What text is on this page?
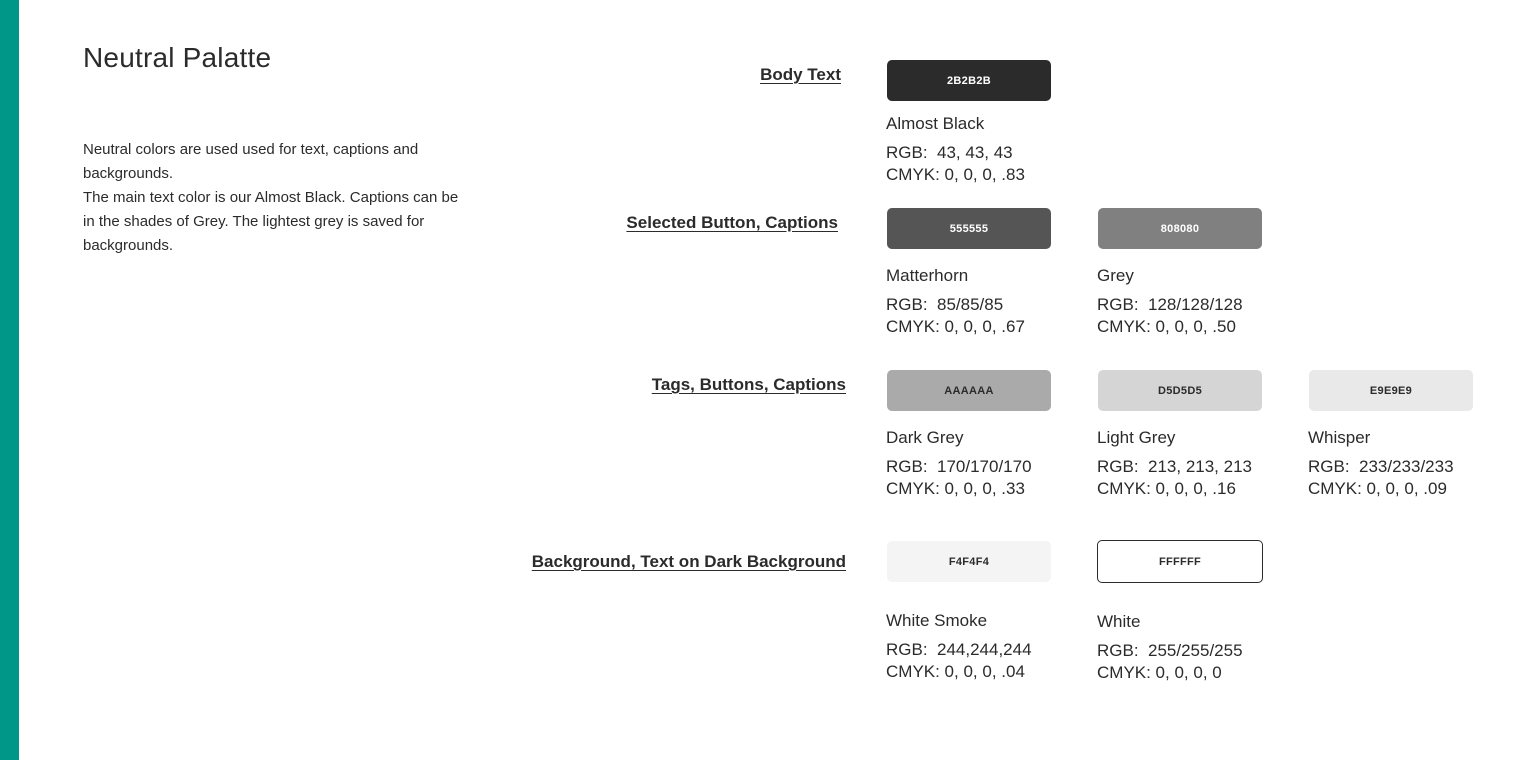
Neutral Palatte

Neutral colors are used used for text, captions and backgrounds.

The main text color is our Almost Black. Captions can be in the shades of Grey. The lightest grey is saved for backgrounds.

Body Text
Selected Button, Captions
Tags, Buttons, Captions
Background, Text on Dark Background
2B2B2B
Almost Black
RGB:  43, 43, 43
CMYK: 0, 0, 0, .83
555555
Matterhorn
RGB:  85/85/85
CMYK: 0, 0, 0, .67
808080
Grey
RGB:  128/128/128
CMYK: 0, 0, 0, .50
AAAAAA
Dark Grey
RGB:  170/170/170
CMYK: 0, 0, 0, .33
D5D5D5
Light Grey
RGB:  213, 213, 213
CMYK: 0, 0, 0, .16
E9E9E9
Whisper
RGB:  233/233/233
CMYK: 0, 0, 0, .09
F4F4F4
White Smoke
RGB:  244,244,244
CMYK: 0, 0, 0, .04
FFFFFF
White
RGB:  255/255/255
CMYK: 0, 0, 0, 0
